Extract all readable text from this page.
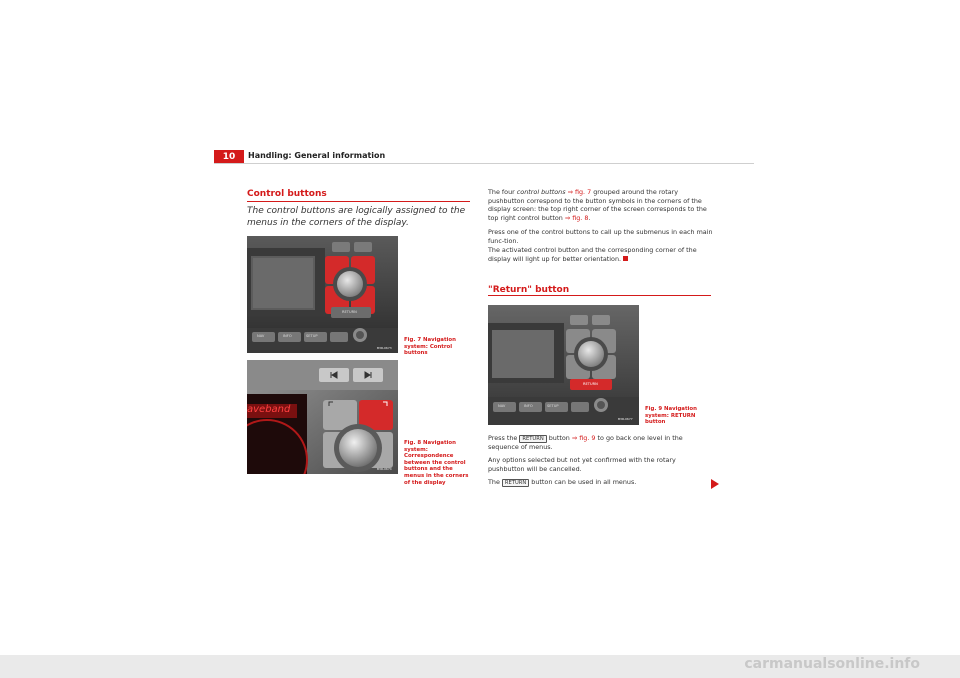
10	Handling: General information
Control buttons
The control buttons are logically assigned to the menus in the corners of the display.
RETURN
NAV	INFO	SETUP
B3R-0673
Fig. 7 Navigation system: Control buttons
aveband
B3R-0674
Fig. 8 Navigation system: Correspondence between the control buttons and the menus in the corners of the display
The four control buttons ⇒ fig. 7 grouped around the rotary pushbutton correspond to the button symbols in the corners of the display screen: the top right corner of the screen corresponds to the top right control button ⇒ fig. 8.
Press one of the control buttons to call up the submenus in each main func-tion.
The activated control button and the corresponding corner of the display will light up for better orientation.
"Return" button
RETURN
NAV	INFO	SETUP
B3R-0677
Fig. 9 Navigation system: RETURN button
Press the RETURN button ⇒ fig. 9 to go back one level in the sequence of menus.
Any options selected but not yet confirmed with the rotary pushbutton will be cancelled.
The RETURN button can be used in all menus.
carmanualsonline.info
